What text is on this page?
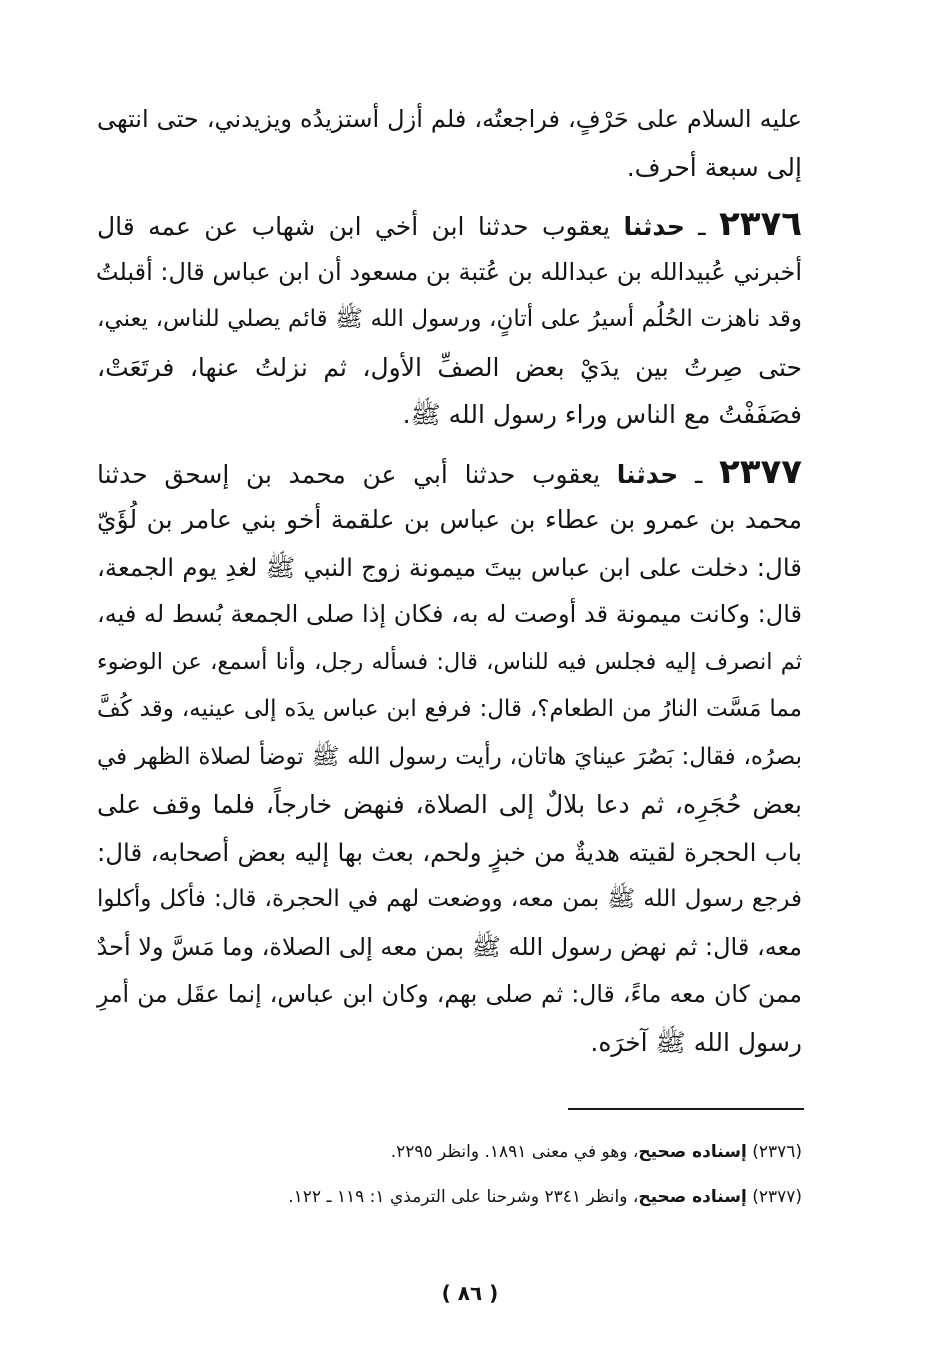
عليه السلام على حَرْفٍ، فراجعتُه، فلم أزل أستزيدُه ويزيدني، حتى انتهى
إلى سبعة أحرف.
٢٣٧٦ ـ حدثنا يعقوب حدثنا ابن أخي ابن شهاب عن عمه قال
أخبرني عُبيدالله بن عبدالله بن عُتبة بن مسعود أن ابن عباس قال: أقبلتُ
وقد ناهزت الحُلُم أسيرُ على أتانٍ، ورسول الله ﷺ قائم يصلي للناس، يعني،
حتى صِرتُ بين يدَيْ بعض الصفِّ الأول، ثم نزلتُ عنها، فرتَعَتْ،
فصَفَفْتُ مع الناس وراء رسول الله ﷺ.
٢٣٧٧ ـ حدثنا يعقوب حدثنا أبي عن محمد بن إسحق حدثنا
محمد بن عمرو بن عطاء بن عباس بن علقمة أخو بني عامر بن لُؤَيّ
قال: دخلت على ابن عباس بيتَ ميمونة زوج النبي ﷺ لغدِ يوم الجمعة،
قال: وكانت ميمونة قد أوصت له به، فكان إذا صلى الجمعة بُسط له فيه،
ثم انصرف إليه فجلس فيه للناس، قال: فسأله رجل، وأنا أسمع، عن الوضوء
مما مَسَّت النارُ من الطعام؟، قال: فرفع ابن عباس يدَه إلى عينيه، وقد كُفَّ
بصرُه، فقال: بَصُرَ عينايَ هاتان، رأيت رسول الله ﷺ توضأ لصلاة الظهر في
بعض حُجَرِه، ثم دعا بلالٌ إلى الصلاة، فنهض خارجاً، فلما وقف على
باب الحجرة لقيته هديةٌ من خبزٍ ولحم، بعث بها إليه بعض أصحابه، قال:
فرجع رسول الله ﷺ بمن معه، ووضعت لهم في الحجرة، قال: فأكل وأكلوا
معه، قال: ثم نهض رسول الله ﷺ بمن معه إلى الصلاة، وما مَسَّ ولا أحدٌ
ممن كان معه ماءً، قال: ثم صلى بهم، وكان ابن عباس، إنما عقَل من أمرِ
رسول الله ﷺ آخرَه.
(٢٣٧٦) إسناده صحيح، وهو في معنى ١٨٩١. وانظر ٢٢٩٥.
(٢٣٧٧) إسناده صحيح، وانظر ٢٣٤١ وشرحنا على الترمذي ١: ١١٩ ـ ١٢٢.
( ٨٦ )
